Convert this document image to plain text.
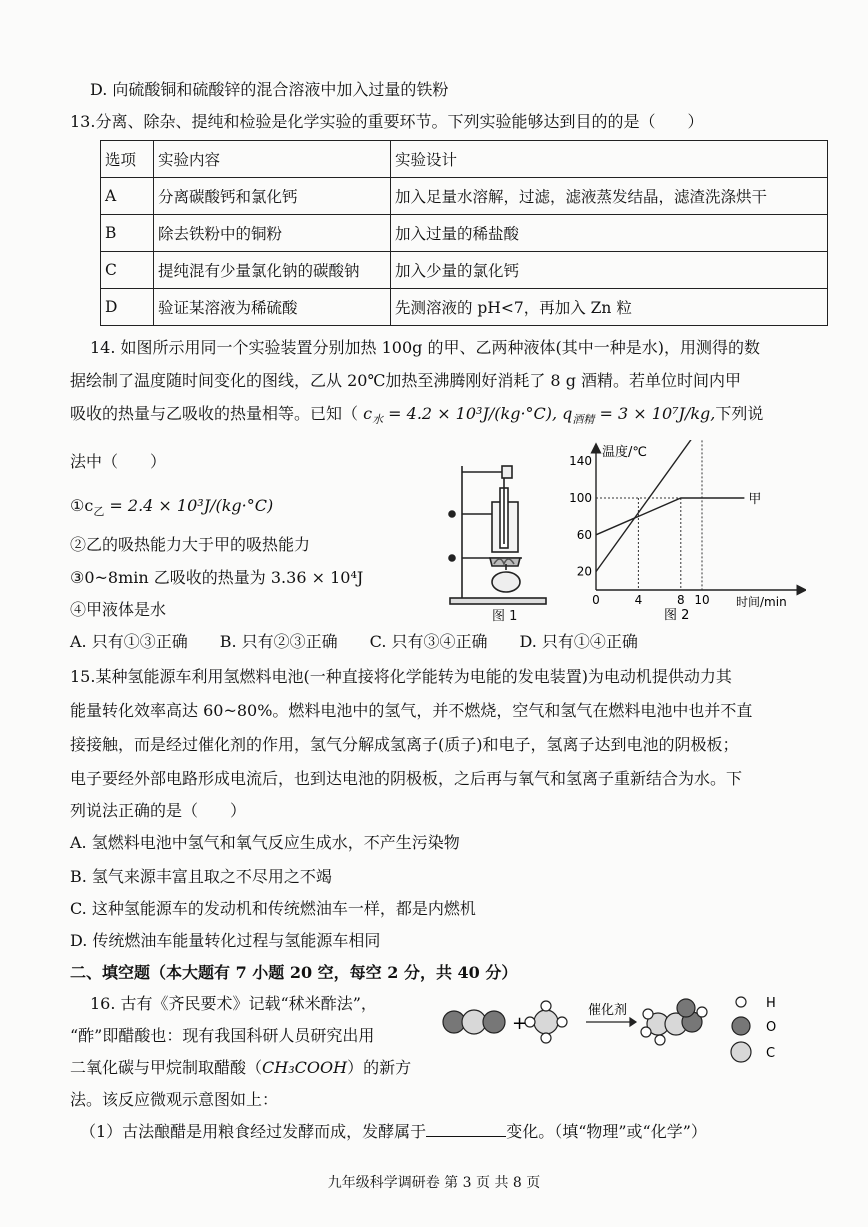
D. 向硫酸铜和硫酸锌的混合溶液中加入过量的铁粉
13.分离、除杂、提纯和检验是化学实验的重要环节。下列实验能够达到目的的是（　　）
选项	实验内容	实验设计
A	分离碳酸钙和氯化钙	加入足量水溶解，过滤，滤液蒸发结晶，滤渣洗涤烘干
B	除去铁粉中的铜粉	加入过量的稀盐酸
C	提纯混有少量氯化钠的碳酸钠	加入少量的氯化钙
D	验证某溶液为稀硫酸	先测溶液的 pH<7，再加入 Zn 粒
14. 如图所示用同一个实验装置分别加热 100g 的甲、乙两种液体(其中一种是水)，用测得的数
据绘制了温度随时间变化的图线，乙从 20℃加热至沸腾刚好消耗了 8 g 酒精。若单位时间内甲
吸收的热量与乙吸收的热量相等。已知（ $c_水 = 4.2 \times 10^3J/(kg\cdot^\circ C)$, $q_{酒精} = 3 \times 10^7J/kg$,下列说
法中（　　）
$①c_乙 = 2.4 \times 10^3J/(kg\cdot^\circ C)$
②乙的吸热能力大于甲的吸热能力
③0~8min 乙吸收的热量为 3.36 × 10⁴J
④甲液体是水
A. 只有①③正确　　B. 只有②③正确　　C. 只有③④正确　　D. 只有①④正确
图 1
温度/℃
时间/min
20
60
100
140
0	4	8 10
甲
图 2
15.某种氢能源车利用氢燃料电池(一种直接将化学能转为电能的发电装置)为电动机提供动力其
能量转化效率高达 60~80%。燃料电池中的氢气，并不燃烧，空气和氢气在燃料电池中也并不直
接接触，而是经过催化剂的作用，氢气分解成氢离子(质子)和电子，氢离子达到电池的阴极板；
电子要经外部电路形成电流后，也到达电池的阴极板，之后再与氧气和氢离子重新结合为水。下
列说法正确的是（　　）
A. 氢燃料电池中氢气和氧气反应生成水，不产生污染物
B. 氢气来源丰富且取之不尽用之不竭
C. 这种氢能源车的发动机和传统燃油车一样，都是内燃机
D. 传统燃油车能量转化过程与氢能源车相同
二、填空题（本大题有 7 小题 20 空，每空 2 分，共 40 分）
16. 古有《齐民要术》记载“秫米酢法”，
“酢”即醋酸也：现有我国科研人员研究出用
二氧化碳与甲烷制取醋酸（CH₃COOH）的新方
法。该反应微观示意图如上：
（1）古法酿醋是用粮食经过发酵而成，发酵属于	变化。（填“物理”或“化学”）
+
催化剂	H
O
C
九年级科学调研卷 第 3 页 共 8 页
